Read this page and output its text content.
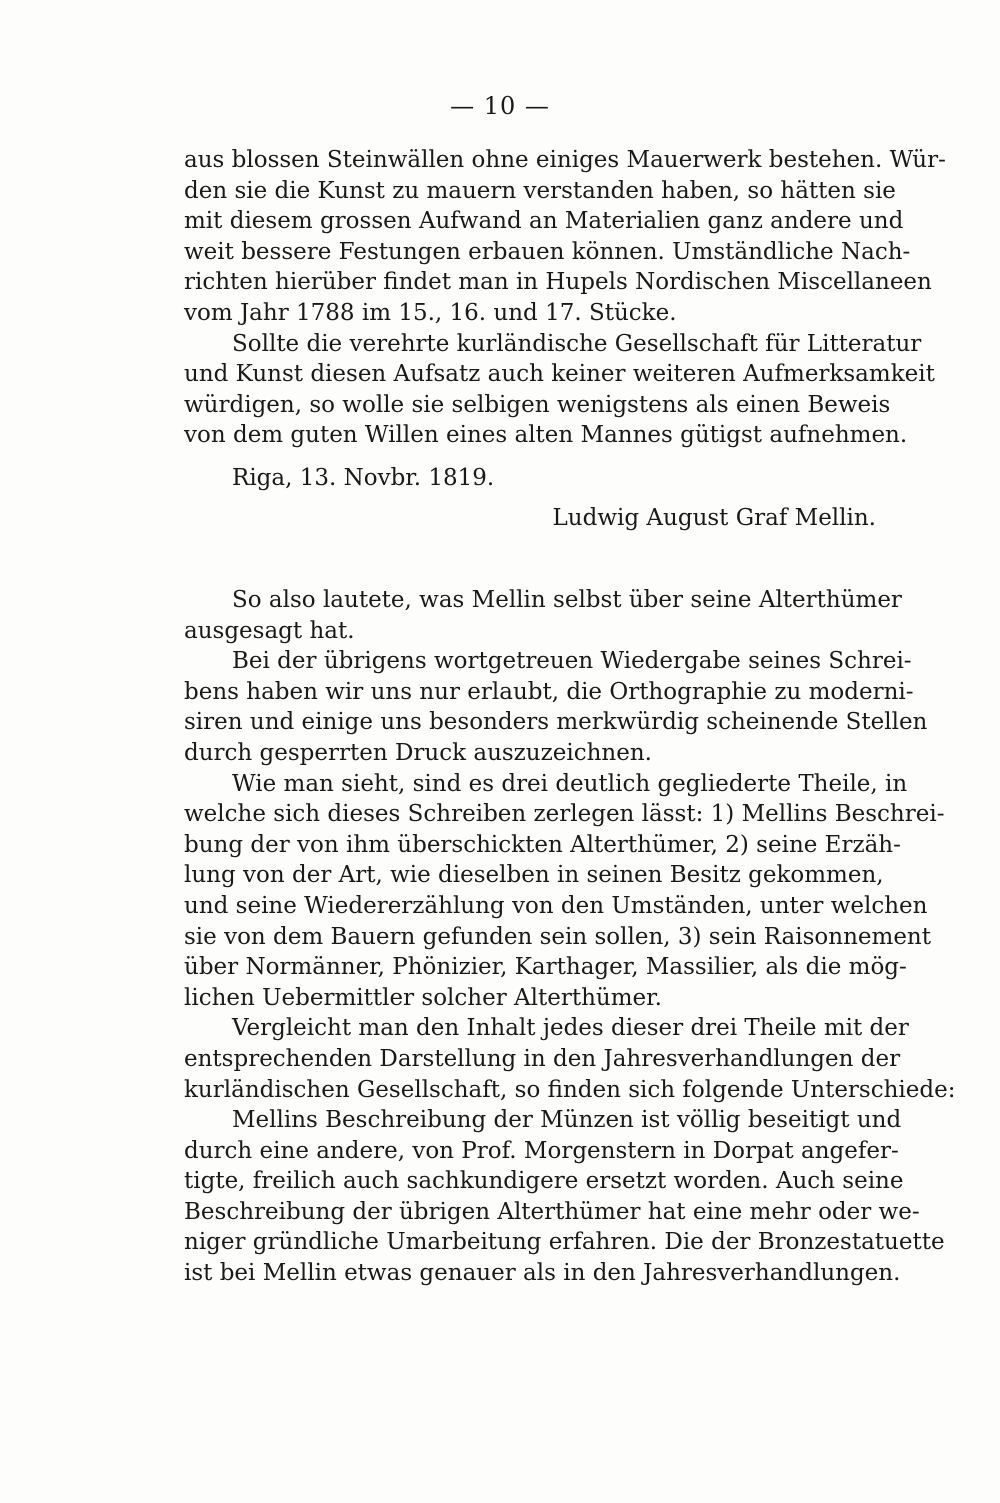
— 10 —
aus blossen Steinwällen ohne einiges Mauerwerk bestehen. Wür-
den sie die Kunst zu mauern verstanden haben, so hätten sie
mit diesem grossen Aufwand an Materialien ganz andere und
weit bessere Festungen erbauen können. Umständliche Nach-
richten hierüber findet man in Hupels Nordischen Miscellaneen
vom Jahr 1788 im 15., 16. und 17. Stücke.
Sollte die verehrte kurländische Gesellschaft für Litteratur
und Kunst diesen Aufsatz auch keiner weiteren Aufmerksamkeit
würdigen, so wolle sie selbigen wenigstens als einen Beweis
von dem guten Willen eines alten Mannes gütigst aufnehmen.
Riga, 13. Novbr. 1819.
Ludwig August Graf Mellin.
So also lautete, was Mellin selbst über seine Alterthümer
ausgesagt hat.
Bei der übrigens wortgetreuen Wiedergabe seines Schrei-
bens haben wir uns nur erlaubt, die Orthographie zu moderni-
siren und einige uns besonders merkwürdig scheinende Stellen
durch gesperrten Druck auszuzeichnen.
Wie man sieht, sind es drei deutlich gegliederte Theile, in
welche sich dieses Schreiben zerlegen lässt: 1) Mellins Beschrei-
bung der von ihm überschickten Alterthümer, 2) seine Erzäh-
lung von der Art, wie dieselben in seinen Besitz gekommen,
und seine Wiedererzählung von den Umständen, unter welchen
sie von dem Bauern gefunden sein sollen, 3) sein Raisonnement
über Normänner, Phönizier, Karthager, Massilier, als die mög-
lichen Uebermittler solcher Alterthümer.
Vergleicht man den Inhalt jedes dieser drei Theile mit der
entsprechenden Darstellung in den Jahresverhandlungen der
kurländischen Gesellschaft, so finden sich folgende Unterschiede:
Mellins Beschreibung der Münzen ist völlig beseitigt und
durch eine andere, von Prof. Morgenstern in Dorpat angefer-
tigte, freilich auch sachkundigere ersetzt worden. Auch seine
Beschreibung der übrigen Alterthümer hat eine mehr oder we-
niger gründliche Umarbeitung erfahren. Die der Bronzestatuette
ist bei Mellin etwas genauer als in den Jahresverhandlungen.
